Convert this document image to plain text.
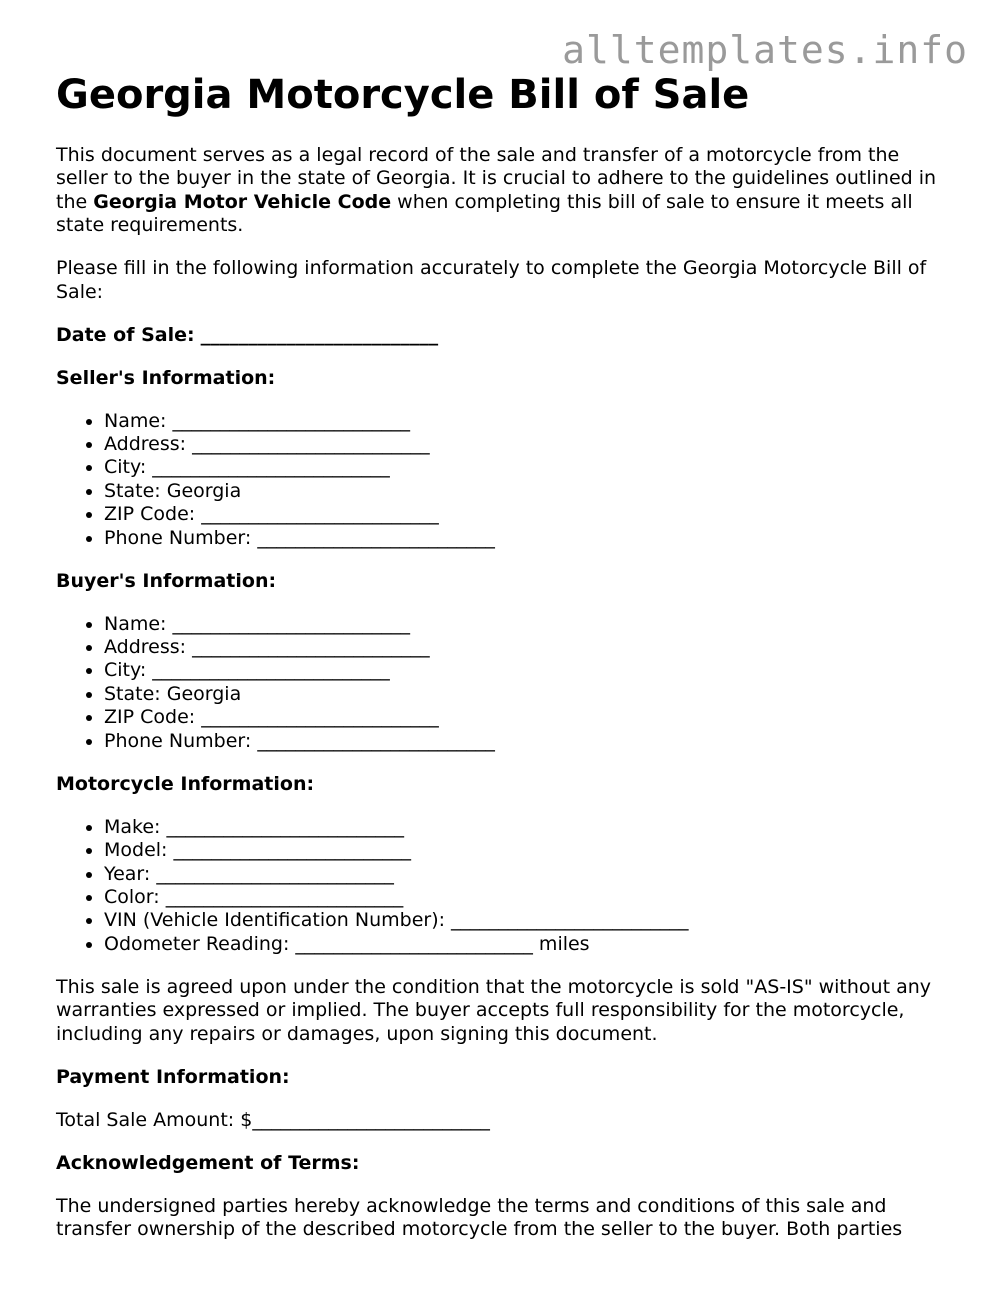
alltemplates.info
Georgia Motorcycle Bill of Sale

This document serves as a legal record of the sale and transfer of a motorcycle from the seller to the buyer in the state of Georgia. It is crucial to adhere to the guidelines outlined in the Georgia Motor Vehicle Code when completing this bill of sale to ensure it meets all state requirements.

Please fill in the following information accurately to complete the Georgia Motorcycle Bill of Sale:

Date of Sale: _________________________

Seller's Information:

• Name: _________________________
• Address: _________________________
• City: _________________________
• State: Georgia
• ZIP Code: _________________________
• Phone Number: _________________________

Buyer's Information:

• Name: _________________________
• Address: _________________________
• City: _________________________
• State: Georgia
• ZIP Code: _________________________
• Phone Number: _________________________

Motorcycle Information:

• Make: _________________________
• Model: _________________________
• Year: _________________________
• Color: _________________________
• VIN (Vehicle Identification Number): _________________________
• Odometer Reading: _________________________ miles

This sale is agreed upon under the condition that the motorcycle is sold "AS-IS" without any warranties expressed or implied. The buyer accepts full responsibility for the motorcycle, including any repairs or damages, upon signing this document.

Payment Information:

Total Sale Amount: $_________________________

Acknowledgement of Terms:

The undersigned parties hereby acknowledge the terms and conditions of this sale and transfer ownership of the described motorcycle from the seller to the buyer. Both parties
